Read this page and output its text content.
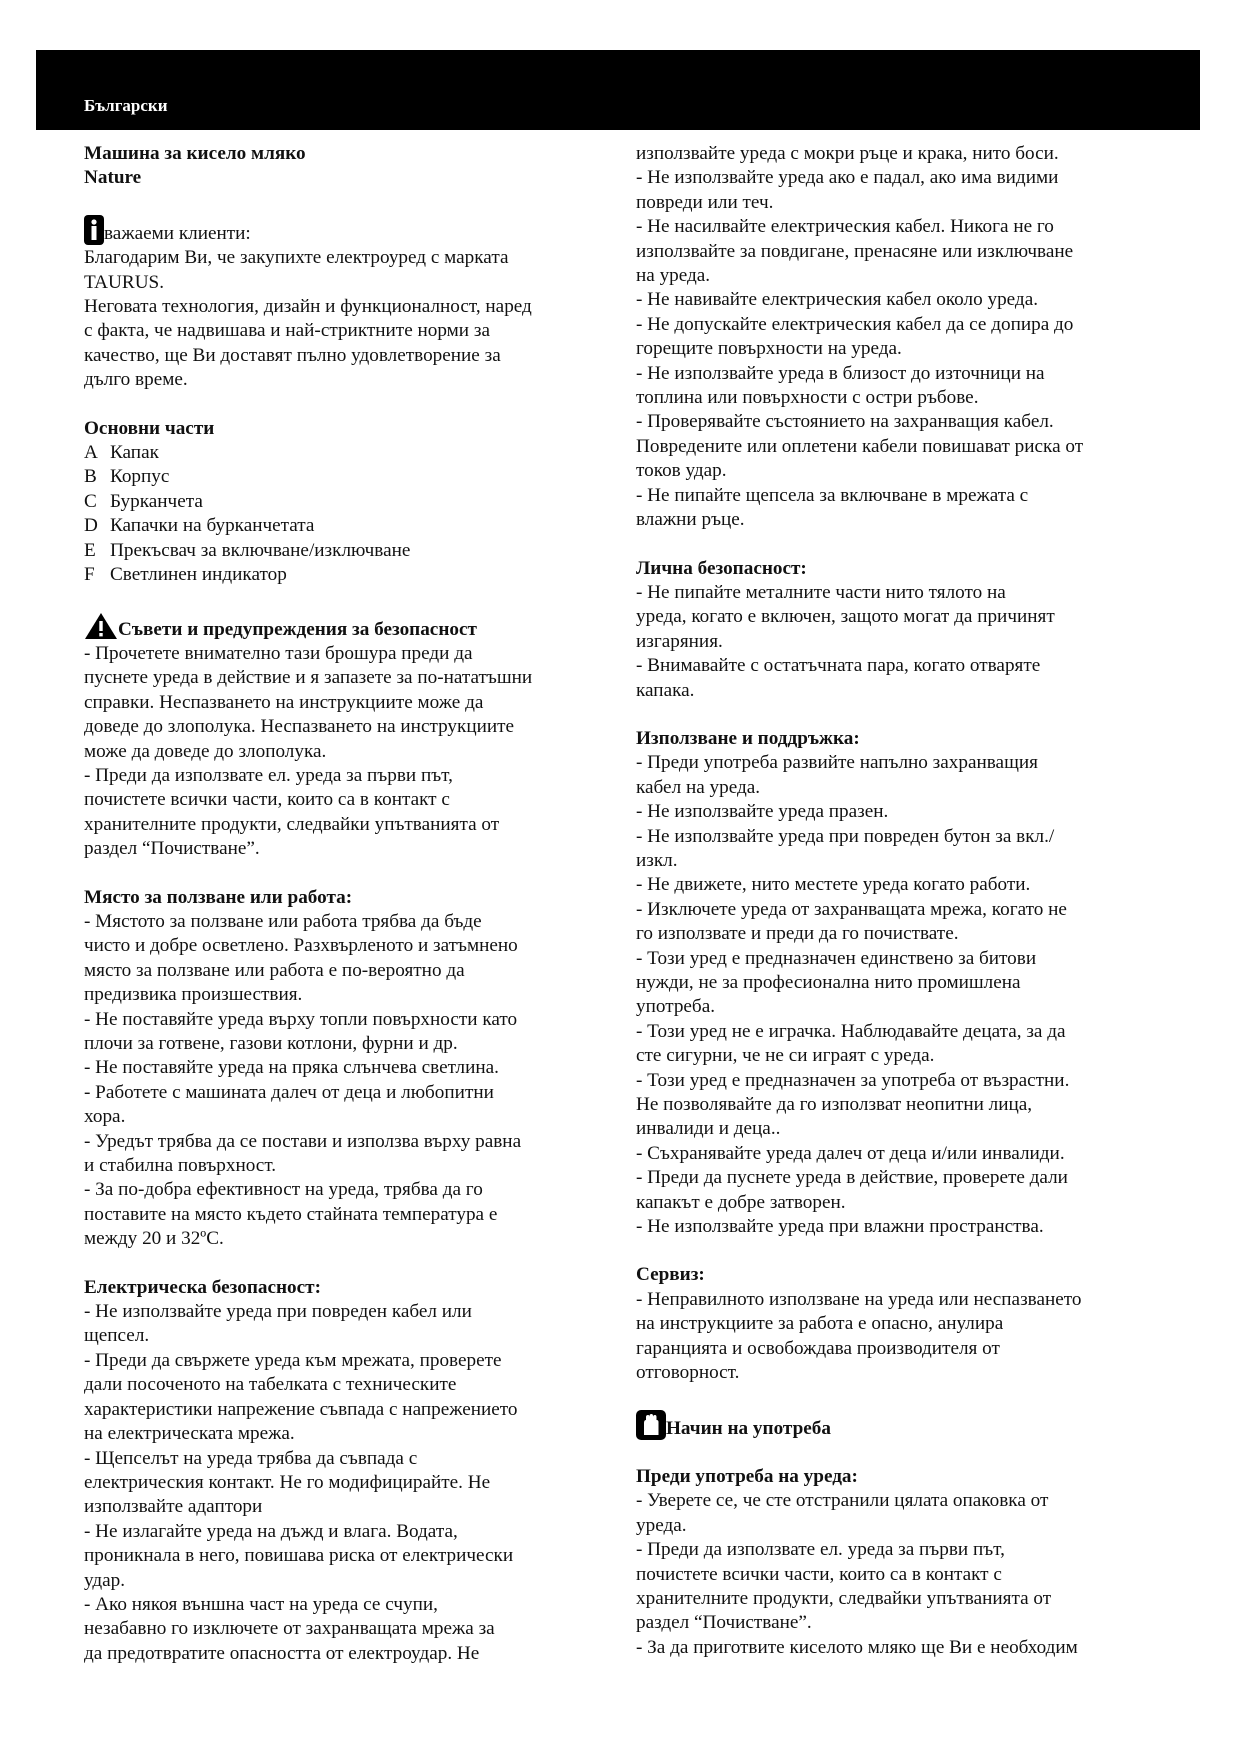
Български

Машина за кисело мляко

Nature

важаеми клиенти:

Благодарим Ви, че закупихте електроуред с марката

TAURUS.

Неговата технология, дизайн и функционалност, наред

с факта, че надвишава и най-стриктните норми за

качество, ще Ви доставят пълно удовлетворение за

дълго време.

Основни части

A Капак

B Корпус

C Бурканчета

D Капачки на бурканчетата

E Прекъсвач за включване/изключване

F Светлинен индикатор

Съвети и предупреждения за безопасност

- Прочетете внимателно тази брошура преди да

пуснете уреда в действие и я запазете за по-нататъшни

справки. Неспазването на инструкциите може да

доведе до злополука. Неспазването на инструкциите

може да доведе до злополука.

- Преди да използвате ел. уреда за първи път,

почистете всички части, които са в контакт с

хранителните продукти, следвайки упътванията от

раздел “Почистване”.

Място за ползване или работа:

- Мястото за ползване или работа трябва да бъде

чисто и добре осветлено. Разхвърленото и затъмнено

място за ползване или работа е по-вероятно да

предизвика произшествия.

- Не поставяйте уреда върху топли повърхности като

плочи за готвене, газови котлони, фурни и др.

- Не поставяйте уреда на пряка слънчева светлина.

- Работете с машината далеч от деца и любопитни

хора.

- Уредът трябва да се постави и използва върху равна

и стабилна повърхност.

- За по-добра ефективност на уреда, трябва да го

поставите на място където стайната температура е

между 20 и 32ºC.

Електрическа безопасност:

- Не използвайте уреда при повреден кабел или

щепсел.

- Преди да свържете уреда към мрежата, проверете

дали посоченото на табелката с техническите

характеристики напрежение съвпада с напрежението

на електрическата мрежа.

- Щепселът на уреда трябва да съвпада с

електрическия контакт. Не го модифицирайте. Не

използвайте адаптори

- Не излагайте уреда на дъжд и влага. Водата,

проникнала в него, повишава риска от електрически

удар.

- Ако някоя външна част на уреда се счупи,

незабавно го изключете от захранващата мрежа за

да предотвратите опасността от електроудар. Не

използвайте уреда с мокри ръце и крака, нито боси.

- Не използвайте уреда ако е падал, ако има видими

повреди или теч.

- Не насилвайте електрическия кабел. Никога не го

използвайте за повдигане, пренасяне или изключване

на уреда.

- Не навивайте електрическия кабел около уреда.

- Не допускайте електрическия кабел да се допира до

горещите повърхности на уреда.

- Не използвайте уреда в близост до източници на

топлина или повърхности с остри ръбове.

- Проверявайте състоянието на захранващия кабел.

Повредените или оплетени кабели повишават риска от

токов удар.

- Не пипайте щепсела за включване в мрежата с

влажни ръце.

Лична безопасност:

- Не пипайте металните части нито тялото на

уреда, когато е включен, защото могат да причинят

изгаряния.

- Внимавайте с остатъчната пара, когато отваряте

капака.

Използване и поддръжка:

- Преди употреба развийте напълно захранващия

кабел на уреда.

- Не използвайте уреда празен.

- Не използвайте уреда при повреден бутон за вкл./

изкл.

- Не движете, нито местете уреда когато работи.

- Изключете уреда от захранващата мрежа, когато не

го използвате и преди да го почиствате.

- Този уред е предназначен единствено за битови

нужди, не за професионална нито промишлена

употреба.

- Този уред не е играчка. Наблюдавайте децата, за да

сте сигурни, че не си играят с уреда.

- Този уред е предназначен за употреба от възрастни.

Не позволявайте да го използват неопитни лица,

инвалиди и деца..

- Съхранявайте уреда далеч от деца и/или инвалиди.

- Преди да пуснете уреда в действие, проверете дали

капакът е добре затворен.

- Не използвайте уреда при влажни пространства.

Сервиз:

- Неправилното използване на уреда или неспазването

на инструкциите за работа е опасно, анулира

гаранцията и освобождава производителя от

отговорност.

Начин на употреба

Преди употреба на уреда:

- Уверете се, че сте отстранили цялата опаковка от

уреда.

- Преди да използвате ел. уреда за първи път,

почистете всички части, които са в контакт с

хранителните продукти, следвайки упътванията от

раздел “Почистване”.

- За да приготвите киселото мляко ще Ви е необходим
